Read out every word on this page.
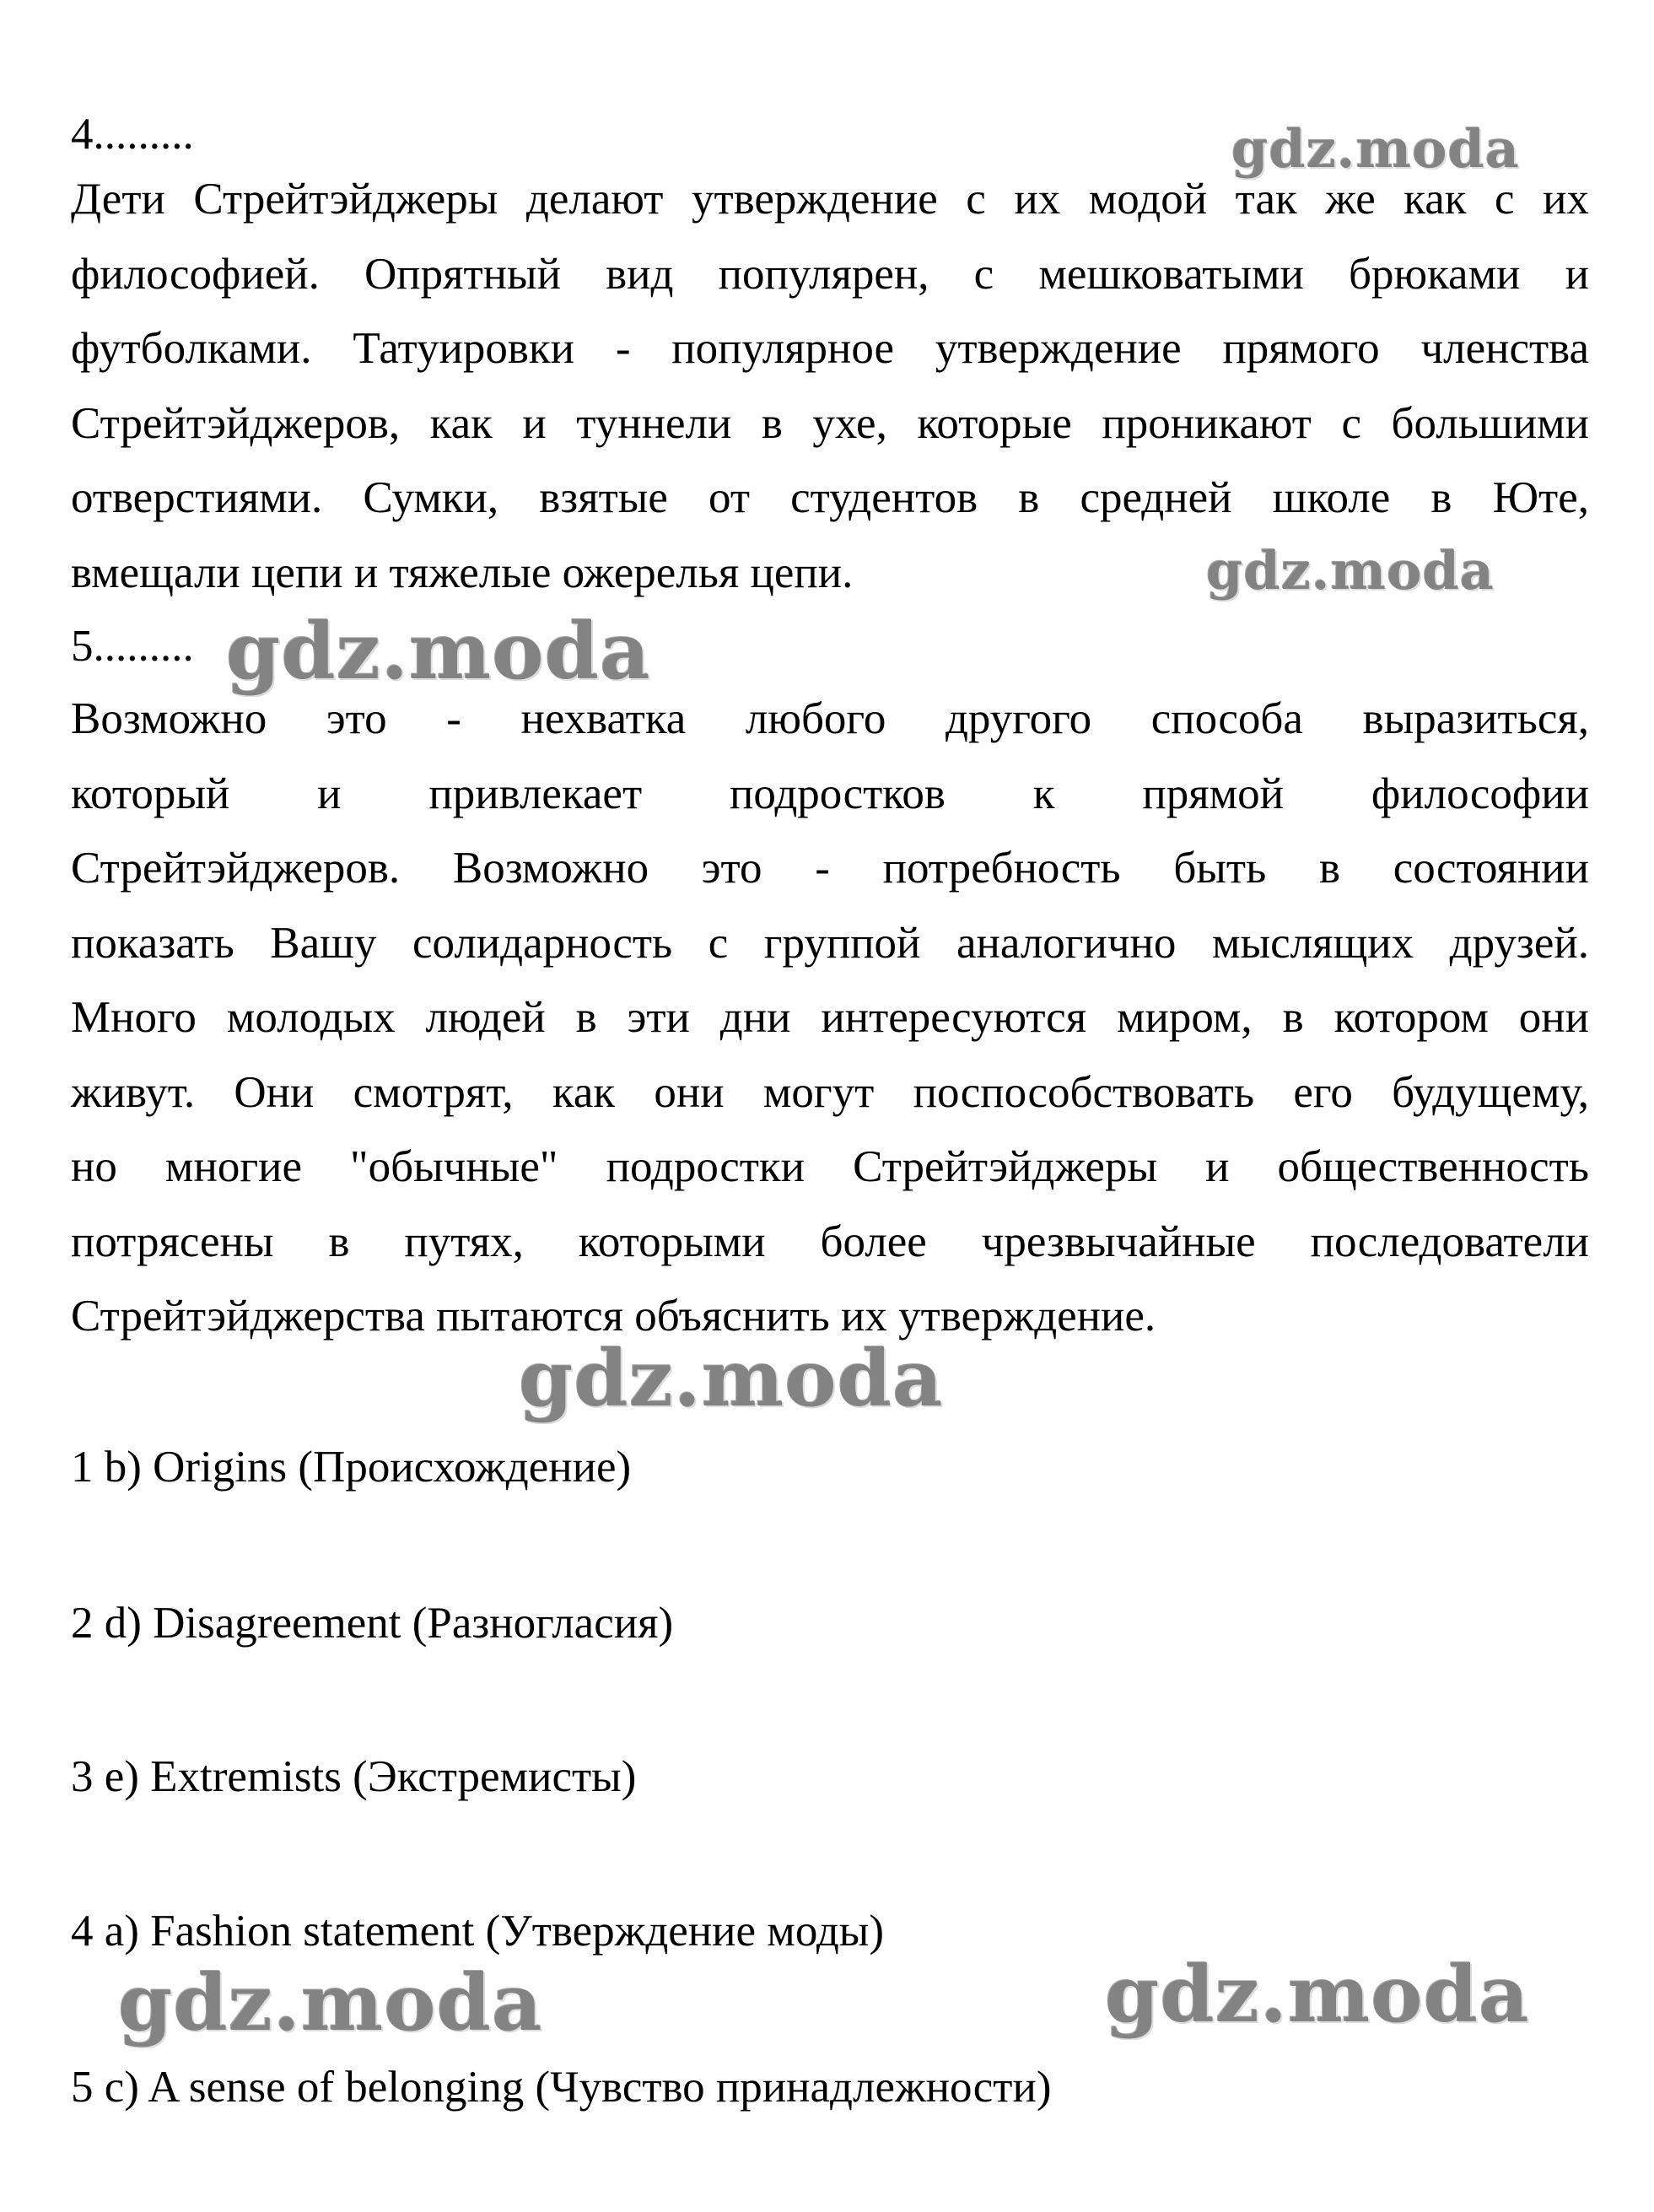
4.........
Дети Стрейтэйджеры делают утверждение с их модой так же как с их
философией. Опрятный вид популярен, с мешковатыми брюками и
футболками. Татуировки - популярное утверждение прямого членства
Стрейтэйджеров, как и туннели в ухе, которые проникают с большими
отверстиями. Сумки, взятые от студентов в средней школе в Юте,
вмещали цепи и тяжелые ожерелья цепи.
5.........
Возможно это - нехватка любого другого способа выразиться,
который и привлекает подростков к прямой философии
Стрейтэйджеров. Возможно это - потребность быть в состоянии
показать Вашу солидарность с группой аналогично мыслящих друзей.
Много молодых людей в эти дни интересуются миром, в котором они
живут. Они смотрят, как они могут поспособствовать его будущему,
но многие "обычные" подростки Стрейтэйджеры и общественность
потрясены в путях, которыми более чрезвычайные последователи
Стрейтэйджерства пытаются объяснить их утверждение.
1 b) Origins (Происхождение)
2 d) Disagreement (Разногласия)
3 e) Extremists (Экстремисты)
4 a) Fashion statement (Утверждение моды)
5 c) A sense of belonging (Чувство принадлежности)
gdz.moda
gdz.moda
gdz.moda
gdz.moda
gdz.moda	gdz.moda
